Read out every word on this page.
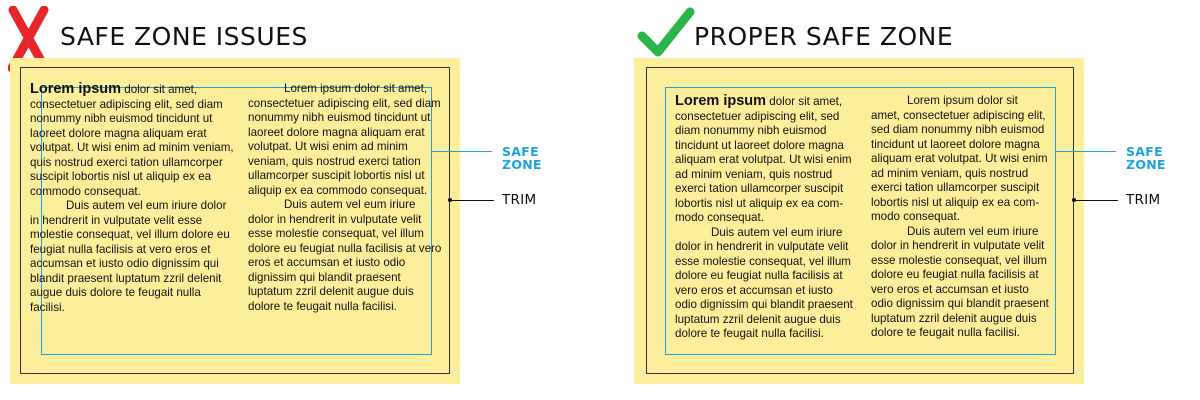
SAFE ZONE ISSUES

Lorem ipsum dolor sit amet, consectetuer adipiscing elit, sed diam nonummy nibh euismod tincidunt ut laoreet dolore magna aliquam erat volutpat. Ut wisi enim ad minim veniam, quis nostrud exerci tation ullamcorper suscipit lobortis nisl ut aliquip ex ea commodo consequat.

Duis autem vel eum iriure dolor in hendrerit in vulputate velit esse molestie consequat, vel illum dolore eu feugiat nulla facilisis at vero eros et accumsan et iusto odio dignissim qui blandit praesent luptatum zzril delenit augue duis dolore te feugait nulla facilisi.

Lorem ipsum dolor sit amet, consectetuer adipiscing elit, sed diam nonummy nibh euismod tincidunt ut laoreet dolore magna aliquam erat volutpat. Ut wisi enim ad minim veniam, quis nostrud exerci tation ullamcorper suscipit lobortis nisl ut aliquip ex ea commodo consequat.

Duis autem vel eum iriure dolor in hendrerit in vulputate velit esse molestie consequat, vel illum dolore eu feugiat nulla facilisis at vero eros et accumsan et iusto odio dignissim qui blandit praesent luptatum zzril delenit augue duis dolore te feugait nulla facilisi.

SAFE
ZONE
TRIM
PROPER SAFE ZONE

Lorem ipsum dolor sit amet, consectetuer adipiscing elit, sed diam nonummy nibh euismod tincidunt ut laoreet dolore magna aliquam erat volutpat. Ut wisi enim ad minim veniam, quis nostrud exerci tation ullamcorper suscipit lobortis nisl ut aliquip ex ea com-modo consequat.

Duis autem vel eum iriure dolor in hendrerit in vulputate velit esse molestie consequat, vel illum dolore eu feugiat nulla facilisis at vero eros et accumsan et iusto odio dignissim qui blandit praesent luptatum zzril delenit augue duis dolore te feugait nulla facilisi.

Lorem ipsum dolor sit amet, consectetuer adipiscing elit, sed diam nonummy nibh euismod tincidunt ut laoreet dolore magna aliquam erat volutpat. Ut wisi enim ad minim veniam, quis nostrud exerci tation ullamcorper suscipit lobortis nisl ut aliquip ex ea com-modo consequat.

Duis autem vel eum iriure dolor in hendrerit in vulputate velit esse molestie consequat, vel illum dolore eu feugiat nulla facilisis at vero eros et accumsan et iusto odio dignissim qui blandit praesent luptatum zzril delenit augue duis dolore te feugait nulla facilisi.

SAFE
ZONE
TRIM
